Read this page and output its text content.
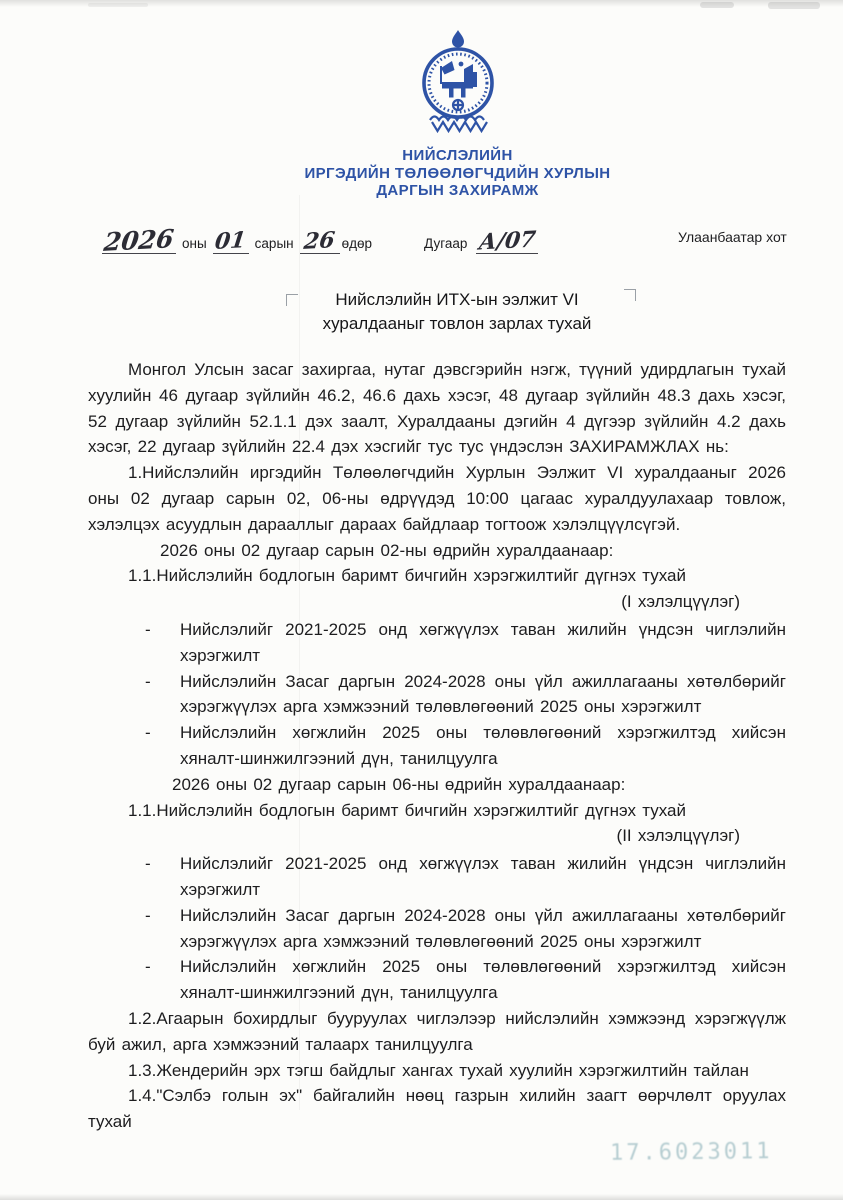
НИЙСЛЭЛИЙН
ИРГЭДИЙН ТӨЛӨӨЛӨГЧДИЙН ХУРЛЫН
ДАРГЫН ЗАХИРАМЖ
2026 оны 01 сарын 26 өдөр	Дугаар А/07	Улаанбаатар хот
Нийслэлийн ИТХ-ын ээлжит VI
хуралдааныг товлон зарлах тухай

Монгол Улсын засаг захиргаа, нутаг дэвсгэрийн нэгж, түүний удирдлагын тухай хуулийн 46 дугаар зүйлийн 46.2, 46.6 дахь хэсэг, 48 дугаар зүйлийн 48.3 дахь хэсэг, 52 дугаар зүйлийн 52.1.1 дэх заалт, Хуралдааны дэгийн 4 дүгээр зүйлийн 4.2 дахь хэсэг, 22 дугаар зүйлийн 22.4 дэх хэсгийг тус тус үндэслэн ЗАХИРАМЖЛАХ нь:

1.Нийслэлийн иргэдийн Төлөөлөгчдийн Хурлын Ээлжит VI хуралдааныг 2026 оны 02 дугаар сарын 02, 06-ны өдрүүдэд 10:00 цагаас хуралдуулахаар товлож, хэлэлцэх асуудлын дарааллыг дараах байдлаар тогтоож хэлэлцүүлсүгэй.

2026 оны 02 дугаар сарын 02-ны өдрийн хуралдаанаар:

1.1.Нийслэлийн бодлогын баримт бичгийн хэрэгжилтийг дүгнэх тухай

(I хэлэлцүүлэг)

- Нийслэлийг 2021-2025 онд хөгжүүлэх таван жилийн үндсэн чиглэлийн хэрэгжилт
- Нийслэлийн Засаг даргын 2024-2028 оны үйл ажиллагааны хөтөлбөрийг хэрэгжүүлэх арга хэмжээний төлөвлөгөөний 2025 оны хэрэгжилт
- Нийслэлийн хөгжлийн 2025 оны төлөвлөгөөний хэрэгжилтэд хийсэн хяналт-шинжилгээний дүн, танилцуулга

2026 оны 02 дугаар сарын 06-ны өдрийн хуралдаанаар:

1.1.Нийслэлийн бодлогын баримт бичгийн хэрэгжилтийг дүгнэх тухай

(II хэлэлцүүлэг)

- Нийслэлийг 2021-2025 онд хөгжүүлэх таван жилийн үндсэн чиглэлийн хэрэгжилт
- Нийслэлийн Засаг даргын 2024-2028 оны үйл ажиллагааны хөтөлбөрийг хэрэгжүүлэх арга хэмжээний төлөвлөгөөний 2025 оны хэрэгжилт
- Нийслэлийн хөгжлийн 2025 оны төлөвлөгөөний хэрэгжилтэд хийсэн хяналт-шинжилгээний дүн, танилцуулга

1.2.Агаарын бохирдлыг бууруулах чиглэлээр нийслэлийн хэмжээнд хэрэгжүүлж буй ажил, арга хэмжээний талаарх танилцуулга

1.3.Жендерийн эрх тэгш байдлыг хангах тухай хуулийн хэрэгжилтийн тайлан

1.4."Сэлбэ голын эх" байгалийн нөөц газрын хилийн заагт өөрчлөлт оруулах тухай

17.6023011
